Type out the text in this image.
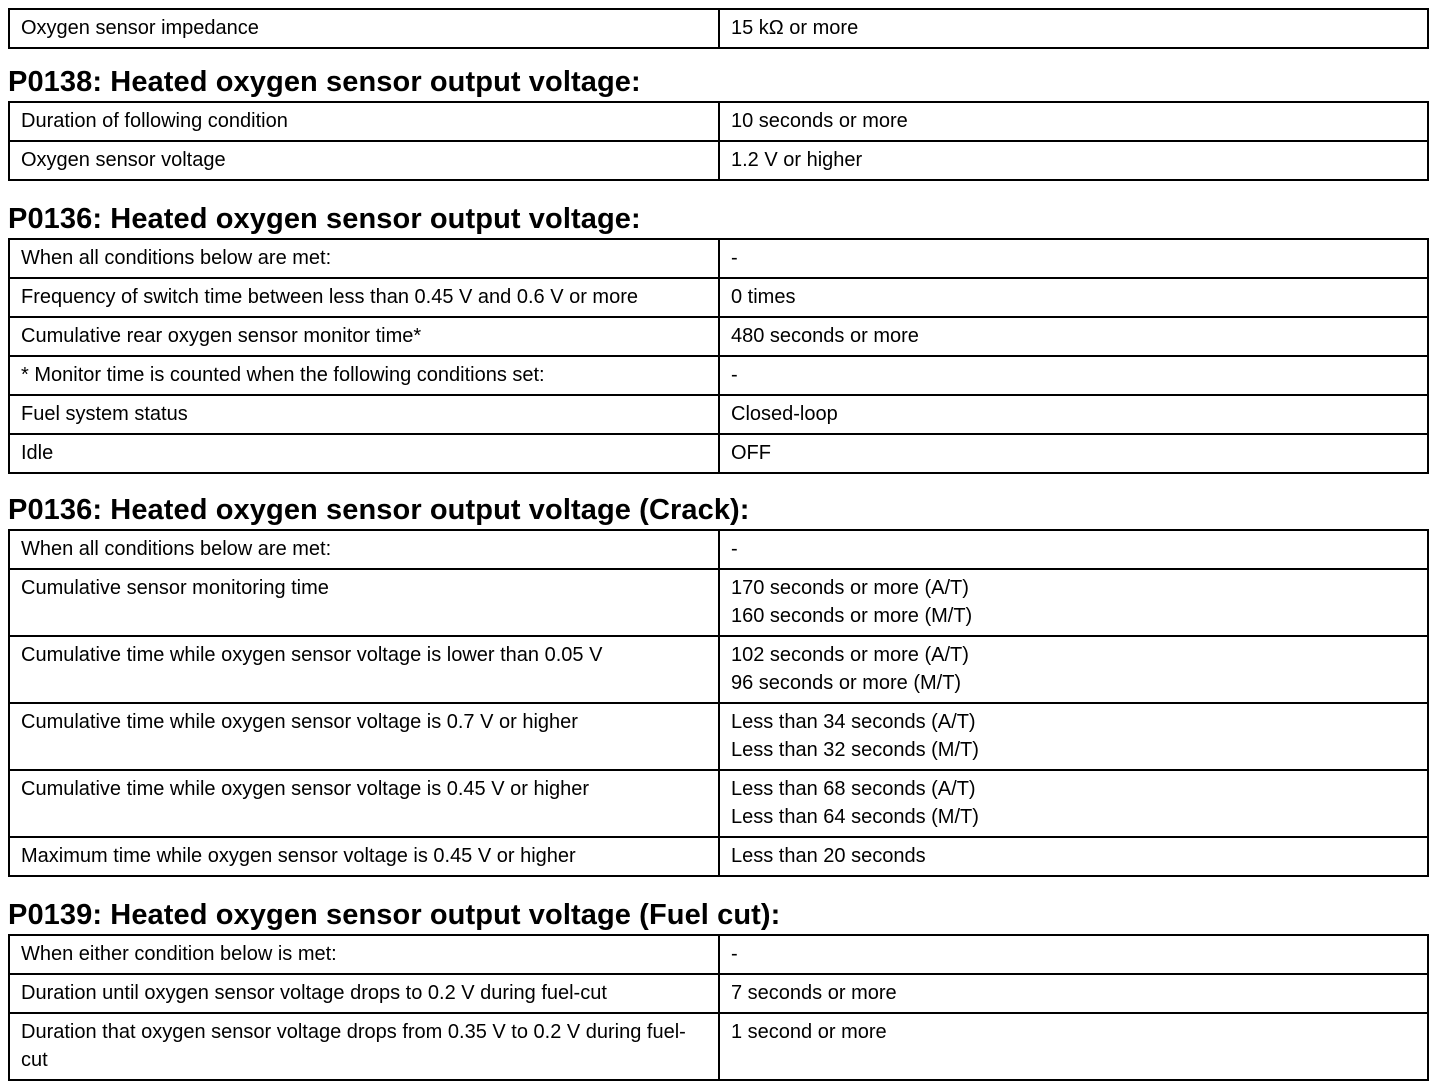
Oxygen sensor impedance	15 kΩ or more
P0138: Heated oxygen sensor output voltage:
Duration of following condition	10 seconds or more
Oxygen sensor voltage	1.2 V or higher
P0136: Heated oxygen sensor output voltage:
When all conditions below are met:	-
Frequency of switch time between less than 0.45 V and 0.6 V or more	0 times
Cumulative rear oxygen sensor monitor time*	480 seconds or more
* Monitor time is counted when the following conditions set:	-
Fuel system status	Closed-loop
Idle	OFF
P0136: Heated oxygen sensor output voltage (Crack):
When all conditions below are met:	-
Cumulative sensor monitoring time	170 seconds or more (A/T)
160 seconds or more (M/T)
Cumulative time while oxygen sensor voltage is lower than 0.05 V	102 seconds or more (A/T)
96 seconds or more (M/T)
Cumulative time while oxygen sensor voltage is 0.7 V or higher	Less than 34 seconds (A/T)
Less than 32 seconds (M/T)
Cumulative time while oxygen sensor voltage is 0.45 V or higher	Less than 68 seconds (A/T)
Less than 64 seconds (M/T)
Maximum time while oxygen sensor voltage is 0.45 V or higher	Less than 20 seconds
P0139: Heated oxygen sensor output voltage (Fuel cut):
When either condition below is met:	-
Duration until oxygen sensor voltage drops to 0.2 V during fuel-cut	7 seconds or more
Duration that oxygen sensor voltage drops from 0.35 V to 0.2 V during fuel-cut	1 second or more
